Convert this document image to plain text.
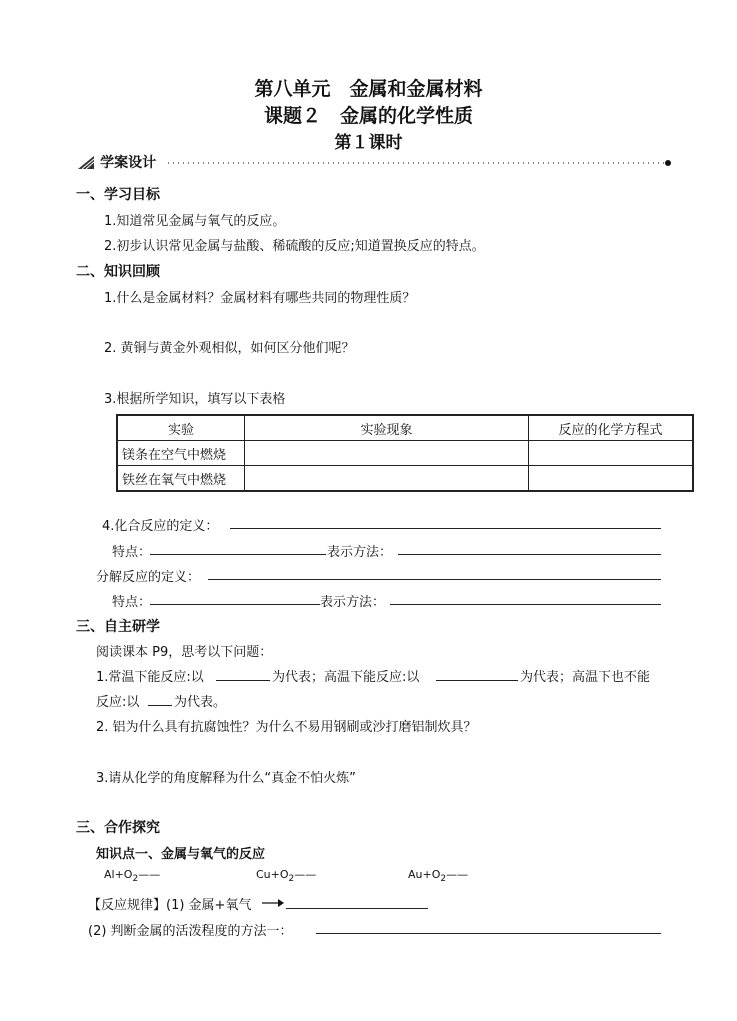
第八单元　金属和金属材料
课题２　金属的化学性质
第１课时
学案设计
一、学习目标
1.知道常见金属与氧气的反应。
2.初步认识常见金属与盐酸、稀硫酸的反应;知道置换反应的特点。
二、知识回顾
1.什么是金属材料？金属材料有哪些共同的物理性质？
2. 黄铜与黄金外观相似，如何区分他们呢？
3.根据所学知识，填写以下表格
实验	实验现象	反应的化学方程式
镁条在空气中燃烧		
铁丝在氧气中燃烧		
4.化合反应的定义：
特点：	表示方法：
分解反应的定义：
特点：	表示方法：
三、自主研学
阅读课本 P9，思考以下问题：
1.常温下能反应:以	为代表；高温下能反应:以	为代表；高温下也不能
反应:以	为代表。
2. 铝为什么具有抗腐蚀性？为什么不易用钢刷或沙打磨铝制炊具？
3.请从化学的角度解释为什么“真金不怕火炼”
三、合作探究
知识点一、金属与氧气的反应
$Al+O_2——$	$Cu+O_2——$	$Au+O_2——$
【反应规律】(1) 金属+氧气
(2) 判断金属的活泼程度的方法一：
